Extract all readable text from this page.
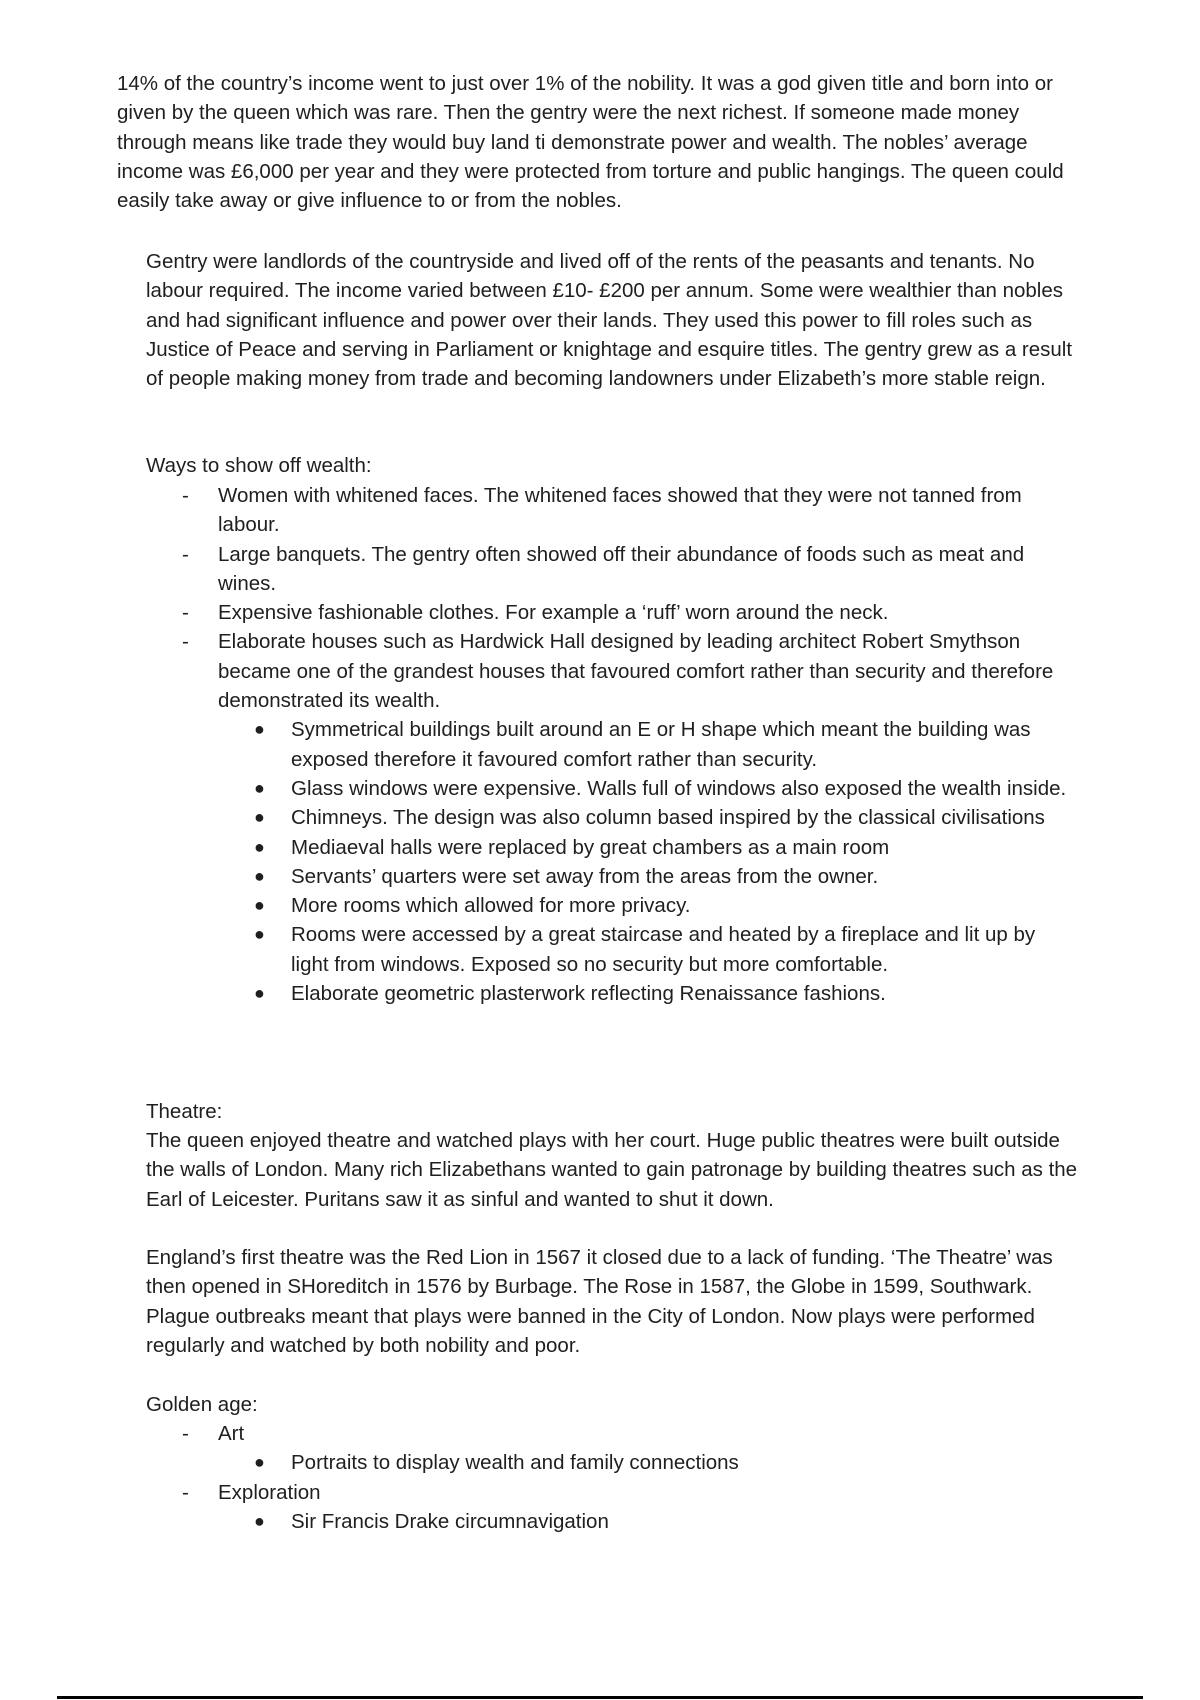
14% of the country’s income went to just over 1% of the nobility. It was a god given title and born into or given by the queen which was rare. Then the gentry were the next richest. If someone made money through means like trade they would buy land ti demonstrate power and wealth. The nobles’ average income was £6,000 per year and they were protected from torture and public hangings. The queen could easily take away or give influence to or from the nobles.

Gentry were landlords of the countryside and lived off of the rents of the peasants and tenants. No labour required. The income varied between £10- £200 per annum. Some were wealthier than nobles and had significant influence and power over their lands. They used this power to fill roles such as Justice of Peace and serving in Parliament or knightage and esquire titles. The gentry grew as a result of people making money from trade and becoming landowners under Elizabeth’s more stable reign.

Ways to show off wealth:

- Women with whitened faces. The whitened faces showed that they were not tanned from labour.
- Large banquets. The gentry often showed off their abundance of foods such as meat and wines.
- Expensive fashionable clothes. For example a ‘ruff’ worn around the neck.
- Elaborate houses such as Hardwick Hall designed by leading architect Robert Smythson became one of the grandest houses that favoured comfort rather than security and therefore demonstrated its wealth.
● Symmetrical buildings built around an E or H shape which meant the building was exposed therefore it favoured comfort rather than security.
● Glass windows were expensive. Walls full of windows also exposed the wealth inside.
● Chimneys. The design was also column based inspired by the classical civilisations
● Mediaeval halls were replaced by great chambers as a main room
● Servants’ quarters were set away from the areas from the owner.
● More rooms which allowed for more privacy.
● Rooms were accessed by a great staircase and heated by a fireplace and lit up by light from windows. Exposed so no security but more comfortable.
● Elaborate geometric plasterwork reflecting Renaissance fashions.

Theatre:

The queen enjoyed theatre and watched plays with her court. Huge public theatres were built outside the walls of London. Many rich Elizabethans wanted to gain patronage by building theatres such as the Earl of Leicester. Puritans saw it as sinful and wanted to shut it down.

England’s first theatre was the Red Lion in 1567 it closed due to a lack of funding. ‘The Theatre’ was then opened in SHoreditch in 1576 by Burbage. The Rose in 1587, the Globe in 1599, Southwark. Plague outbreaks meant that plays were banned in the City of London. Now plays were performed regularly and watched by both nobility and poor.

Golden age:

- Art
● Portraits to display wealth and family connections
- Exploration
● Sir Francis Drake circumnavigation
